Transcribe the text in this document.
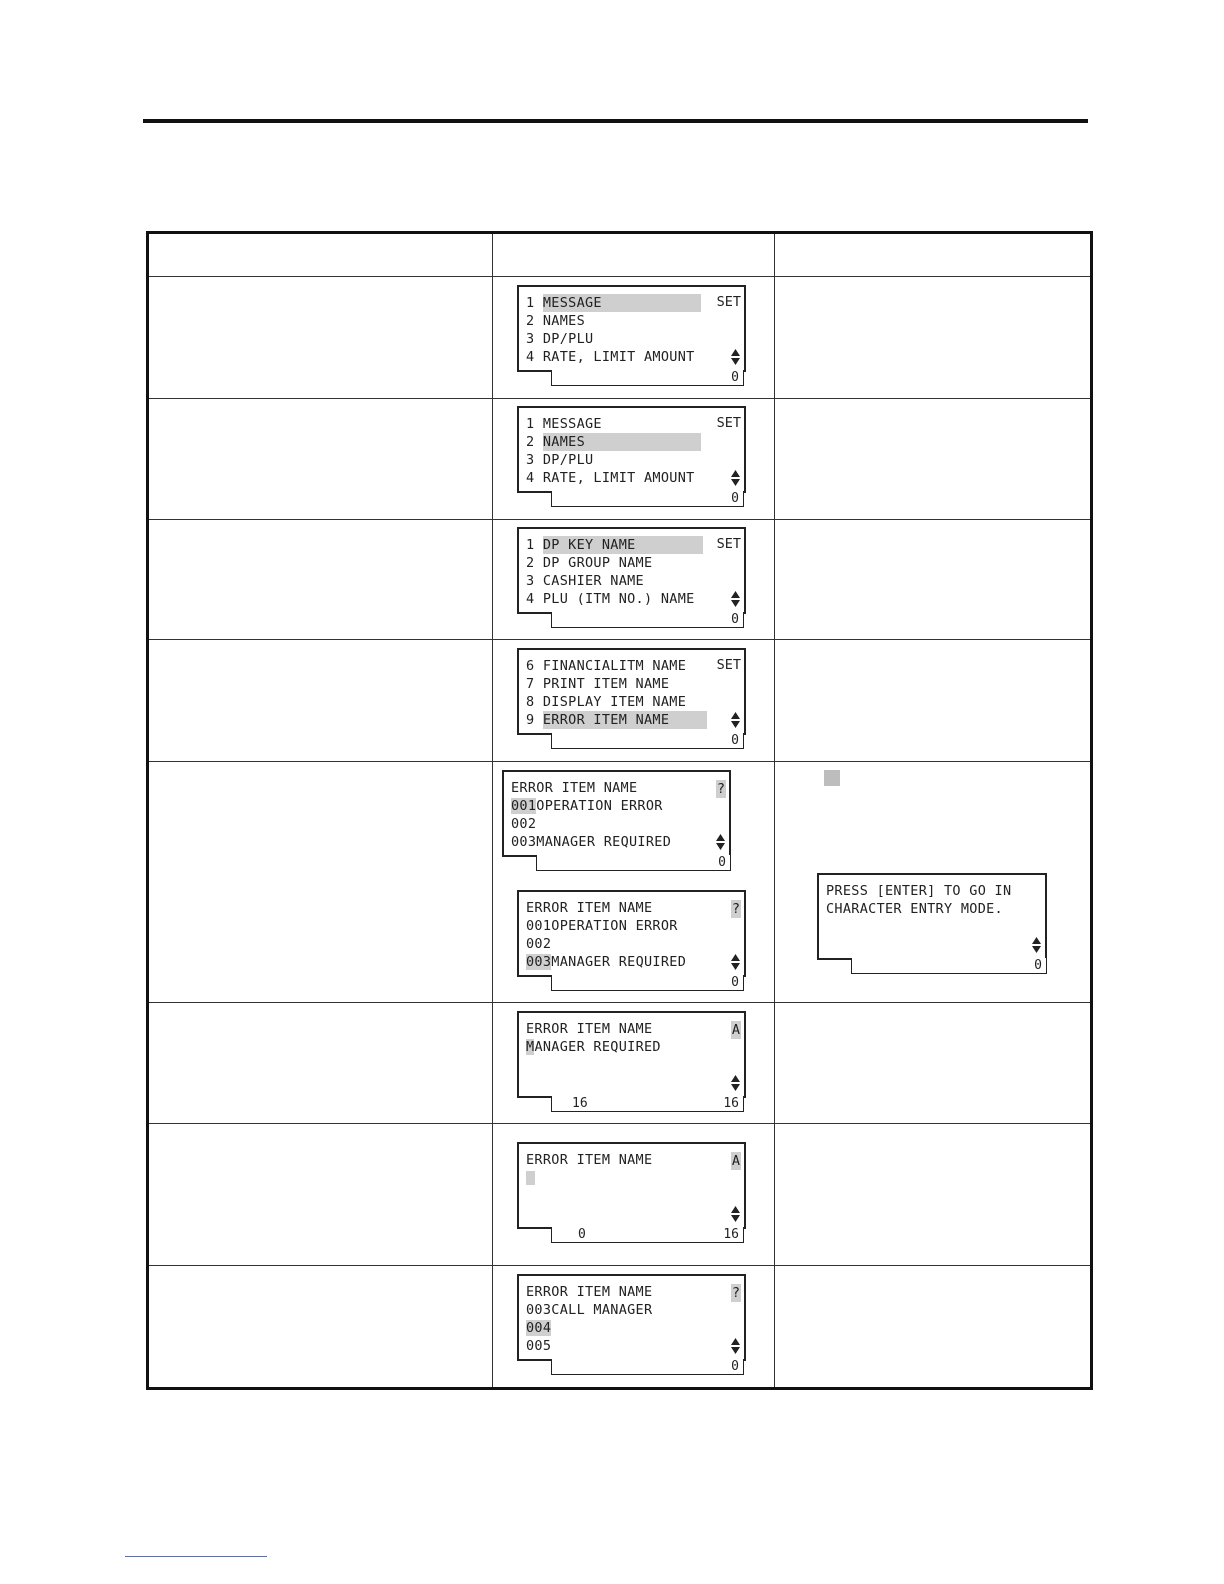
1 MESSAGE	SET
2 NAMES
3 DP/PLU
4 RATE, LIMIT AMOUNT
0
1 MESSAGE	SET
2 NAMES
3 DP/PLU
4 RATE, LIMIT AMOUNT
0
1 DP KEY NAME	SET
2 DP GROUP NAME
3 CASHIER NAME
4 PLU (ITM NO.) NAME
0
6 FINANCIALITM NAME SET
7 PRINT ITEM NAME
8 DISPLAY ITEM NAME
9 ERROR ITEM NAME
0
ERROR ITEM NAME	?
001OPERATION ERROR
002
003MANAGER REQUIRED
0
ERROR ITEM NAME	?
001OPERATION ERROR
002
003MANAGER REQUIRED
0
PRESS [ENTER] TO GO IN
CHARACTER ENTRY MODE.
0
ERROR ITEM NAME	A
MANAGER REQUIRED
16	16
ERROR ITEM NAME	A
0	16
ERROR ITEM NAME	?
003CALL MANAGER
004
005
0
